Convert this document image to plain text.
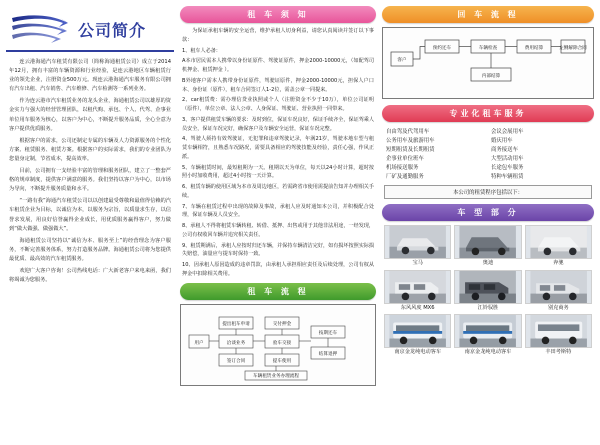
公司简介

连云港海通汽车租赁有限公司（简称海通租赁公司）成立于2014年12月，拥有丰富的车辆资源和行业经验，是连云港地区车辆租赁行业的领先企业，注册资金500万元。现连云港海通汽车服务有限公司拥有汽车出租、汽车销售、汽车维修、汽车检测等一系列业务。

作为连云港市汽车租赁业务的龙头企业，海通租赁公司以雄厚的资金实力与强大的经营管理团队，以租代购、承包、个人、代驾、企事业单位用车服务为核心，以客户为中心，不断提升服务品质，全心全意为客户提供优质服务。

根据客户的需求，公司还制定专属的车辆及人力资源服务的个性化方案、租赁服务、租赁方案。根据客户的实际需求，我们的专业团队为您量身定制，节省成本，提高效率。

目前，公司拥有一支经验丰富的管理和服务团队，建立了一整套严格的规章制度，提供客户满意的服务。我们坚持以客户为中心，以市场为导向，不断提升服务质量和水平。

“一路有我”海通汽车租赁公司以以创建最受尊敬和最值得信赖的汽车租赁企业为目标，以诚信为本，以服务为宗旨，以质量求生存，以信誉求发展，用良好信誉赢得企业成长，用优质服务赢得客户，努力做到“做大做强、做强做大”。

海通租赁公司坚持以“诚信为本、服务至上”的经营理念为客户服务，不断完善服务体系，努力打造服务品牌。海通租赁公司将为您提供最优质、最高效的汽车租赁服务。

欢迎广大客户咨询！公司热线电话：广大新老客户来电来函，我们将竭诚为您服务。

租 车 须 知

为保证承租车辆的安全运营，维护承租人切身利益，请您认真阅读并签订以下事款：

1、租车人必备：

A本市居民需本人携带以身份证原件、驾驶证原件，押金2000-10000元，（如配驾司机押金、租赁押金 ）。

B外地客户需本人携带身份证原件，驾驶证原件，押金2000-10000元，担保人户口本、身份证（原件），租车合同签订人1-2位，需盖公章一同提来。

2、car租赁费：需办理信贷业执照或个人（注册资金不少于10万），单位公司证明（原件），单位公章、法人公章、人身保证、驾驶证、营业执照一同带来。

3、客户提供租赁车辆的要求：及时到位，保证车况良好，保证手续齐全，保证驾乘人员安全，保证车况完好，确保客户及车辆安全运营，保证车况完整。

4、驾驶人须持有效驾驶证，无犯罪和违章驾驶记录，年满21岁，驾驶本地车型与租赁车辆相符，且熟悉车况路况，需要具备相应的驾驶技能及经验，责任心强，作风正派。

5、车辆租赁时间，最短租期为一天。租期以天为单位，每天以24小时计算，超时按照小时加收费用，超过4小时按一天计算。

6、租赁车辆的使用区域为本市及周边地区，若需跨省市使用需提前告知并办理相关手续。

7、车辆在租赁过程中出现的故障及事故，承租人应及时通知本公司，并积极配合处理，保证车辆及人员安全。

8、承租人不得将租赁车辆转租、转借、抵押、出售或用于其他非法用途，一经发现，公司有权收回车辆并追究相关责任。

9、租赁期满后，承租人应按时归还车辆，并保持车辆清洁完好，如有损坏按照实际损失赔偿，油量应与提车时保持一致。

10、因承租人原因造成的违章罚款，由承租人承担相应责任及后续处理，公司有权从押金中扣除相关费用。

租 车 流 程
用户
提出租车申请
洽谈业务
签订合同
交付押金
验车交接
提车使用
按期还车
结算退押
车辆租赁业务办理流程
回 车 流 程
客户
预约还车	车辆检查	费用结算	左侧解除合同
内部结算
专业化租车服务
自由驾及代驾用车	会议会展用车
公务用车及旅游用车	婚庆用车
短期租赁及长期租赁	商务接送车
企事业单位班车	大型活动用车
机场接送服务	长途包车服务
厂矿及通勤服务	特种车辆租赁
本公司的租赁程序包括以下：
车 型 部 分
宝马	奥迪	奔驰
东风风度 MX6	江铃驭胜	别克商务
南京金龙纯电动客车	南京金龙纯电动客车	丰田考斯特
